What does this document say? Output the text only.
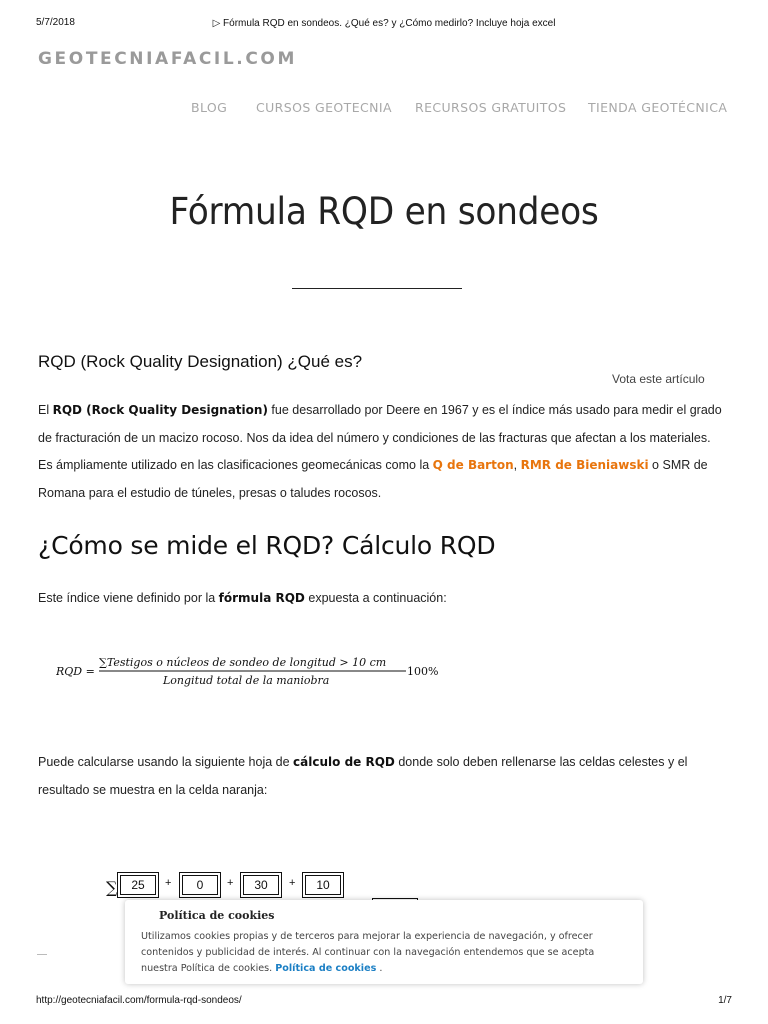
5/7/2018	▷ Fórmula RQD en sondeos. ¿Qué es? y ¿Cómo medirlo? Incluye hoja excel
GEOTECNIAFACIL.COM
BLOG CURSOS GEOTECNIA RECURSOS GRATUITOS TIENDA GEOTÉCNICA
Fórmula RQD en sondeos
RQD (Rock Quality Designation) ¿Qué es?
Vota este artículo
El RQD (Rock Quality Designation) fue desarrollado por Deere en 1967 y es el índice más usado para medir el grado de fracturación de un macizo rocoso. Nos da idea del número y condiciones de las fracturas que afectan a los materiales. Es ámpliamente utilizado en las clasificaciones geomecánicas como la Q de Barton, RMR de Bieniawski o SMR de Romana para el estudio de túneles, presas o taludes rocosos.
¿Cómo se mide el RQD? Cálculo RQD
Este índice viene definido por la fórmula RQD expuesta a continuación:
RQD =
∑Testigos o núcleos de sondeo de longitud > 10 cm
Longitud total de la maniobra
100%
Puede calcularse usando la siguiente hoja de cálculo de RQD donde solo deben rellenarse las celdas celestes y el resultado se muestra en la celda naranja:
∑	25	+	0	+	30	+	10
Política de cookies
Utilizamos cookies propias y de terceros para mejorar la experiencia de navegación, y ofrecer contenidos y publicidad de interés. Al continuar con la navegación entendemos que se acepta nuestra Política de cookies. Política de cookies .
http://geotecniafacil.com/formula-rqd-sondeos/	1/7
